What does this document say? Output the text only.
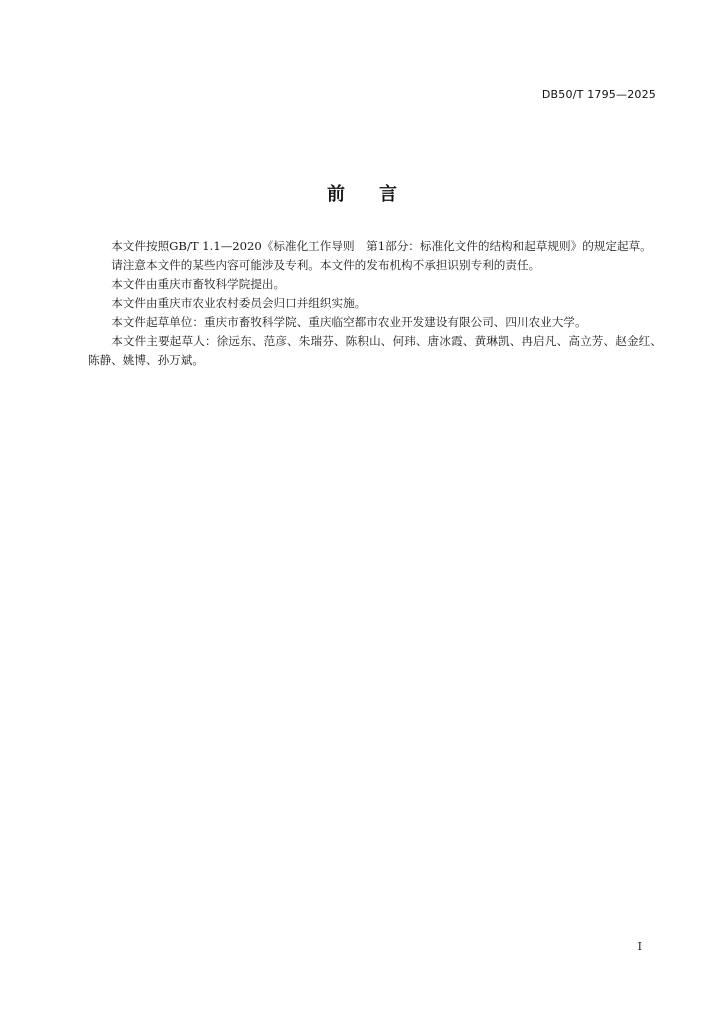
DB50/T 1795—2025
前言

本文件按照GB/T 1.1—2020《标准化工作导则　第1部分：标准化文件的结构和起草规则》的规定起草。

请注意本文件的某些内容可能涉及专利。本文件的发布机构不承担识别专利的责任。

本文件由重庆市畜牧科学院提出。

本文件由重庆市农业农村委员会归口并组织实施。

本文件起草单位：重庆市畜牧科学院、重庆临空都市农业开发建设有限公司、四川农业大学。

本文件主要起草人：徐远东、范彦、朱瑞芬、陈积山、何玮、唐冰霞、黄琳凯、冉启凡、高立芳、赵金红、陈静、姚博、孙万斌。

I
